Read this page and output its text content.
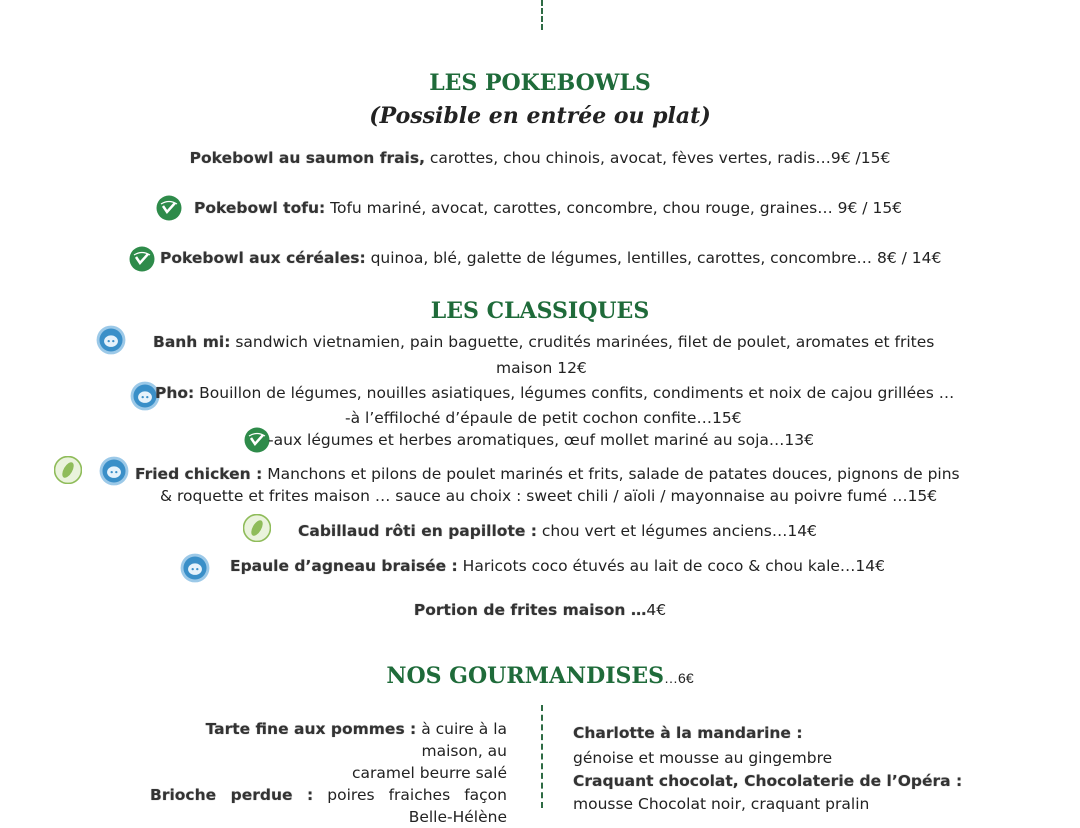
LES POKEBOWLS
(Possible en entrée ou plat)
Pokebowl au saumon frais, carottes, chou chinois, avocat, fèves vertes, radis…9€ /15€
Pokebowl tofu: Tofu mariné, avocat, carottes, concombre, chou rouge, graines… 9€ / 15€
Pokebowl aux céréales: quinoa, blé, galette de légumes, lentilles, carottes, concombre… 8€ / 14€
LES CLASSIQUES
Banh mi: sandwich vietnamien, pain baguette, crudités marinées, filet de poulet, aromates et frites
maison 12€
Pho: Bouillon de légumes, nouilles asiatiques, légumes confits, condiments et noix de cajou grillées …
-à l’effiloché d’épaule de petit cochon confite…15€
-aux légumes et herbes aromatiques, œuf mollet mariné au soja…13€
Fried chicken : Manchons et pilons de poulet marinés et frits, salade de patates douces, pignons de pins
& roquette et frites maison … sauce au choix : sweet chili / aïoli / mayonnaise au poivre fumé …15€
Cabillaud rôti en papillote : chou vert et légumes anciens…14€
Epaule d’agneau braisée : Haricots coco étuvés au lait de coco & chou kale…14€
Portion de frites maison …4€
NOS GOURMANDISES…6€
Tarte fine aux pommes : à cuire à la maison, au
caramel beurre salé
Brioche perdue : poires fraiches façon
Belle-Hélène
Charlotte à la mandarine :
génoise et mousse au gingembre
Craquant chocolat, Chocolaterie de l’Opéra :
mousse Chocolat noir, craquant pralin
